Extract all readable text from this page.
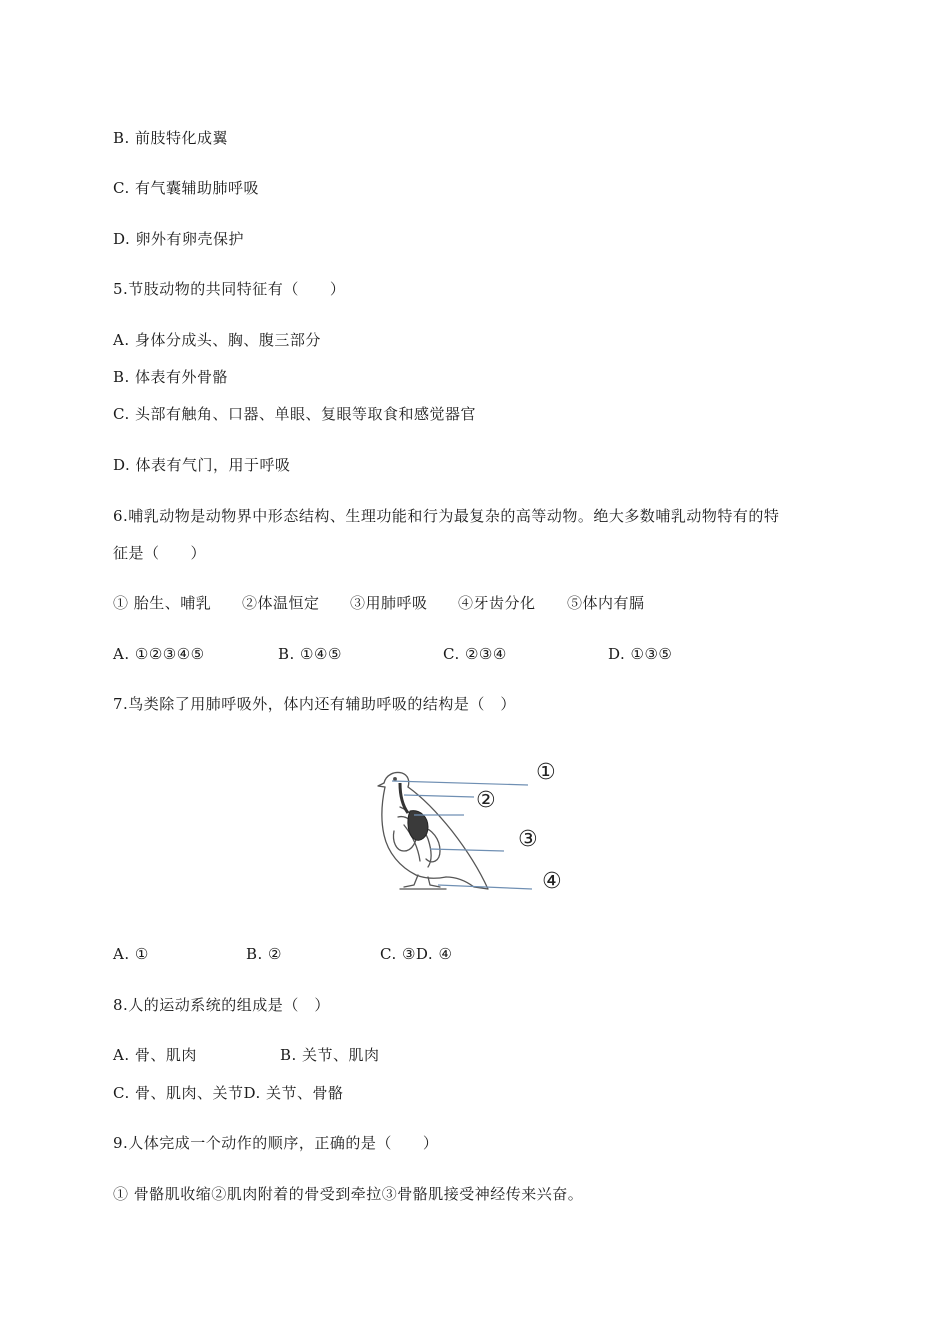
B. 前肢特化成翼
C. 有气囊辅助肺呼吸
D. 卵外有卵壳保护
5.节肢动物的共同特征有（　　）
A. 身体分成头、胸、腹三部分
B. 体表有外骨骼
C. 头部有触角、口器、单眼、复眼等取食和感觉器官
D. 体表有气门，用于呼吸
6.哺乳动物是动物界中形态结构、生理功能和行为最复杂的高等动物。绝大多数哺乳动物特有的特
征是（　　）
① 胎生、哺乳 ②体温恒定 ③用肺呼吸 ④牙齿分化 ⑤体内有膈
A. ①②③④⑤	B. ①④⑤	C. ②③④	D. ①③⑤
7.鸟类除了用肺呼吸外，体内还有辅助呼吸的结构是（　）
①
②
③
④
A. ①	B. ②	C. ③D. ④
8.人的运动系统的组成是（　）
A. 骨、肌肉	B. 关节、肌肉
C. 骨、肌肉、关节D. 关节、骨骼
9.人体完成一个动作的顺序，正确的是（　　）
① 骨骼肌收缩②肌肉附着的骨受到牵拉③骨骼肌接受神经传来兴奋。
